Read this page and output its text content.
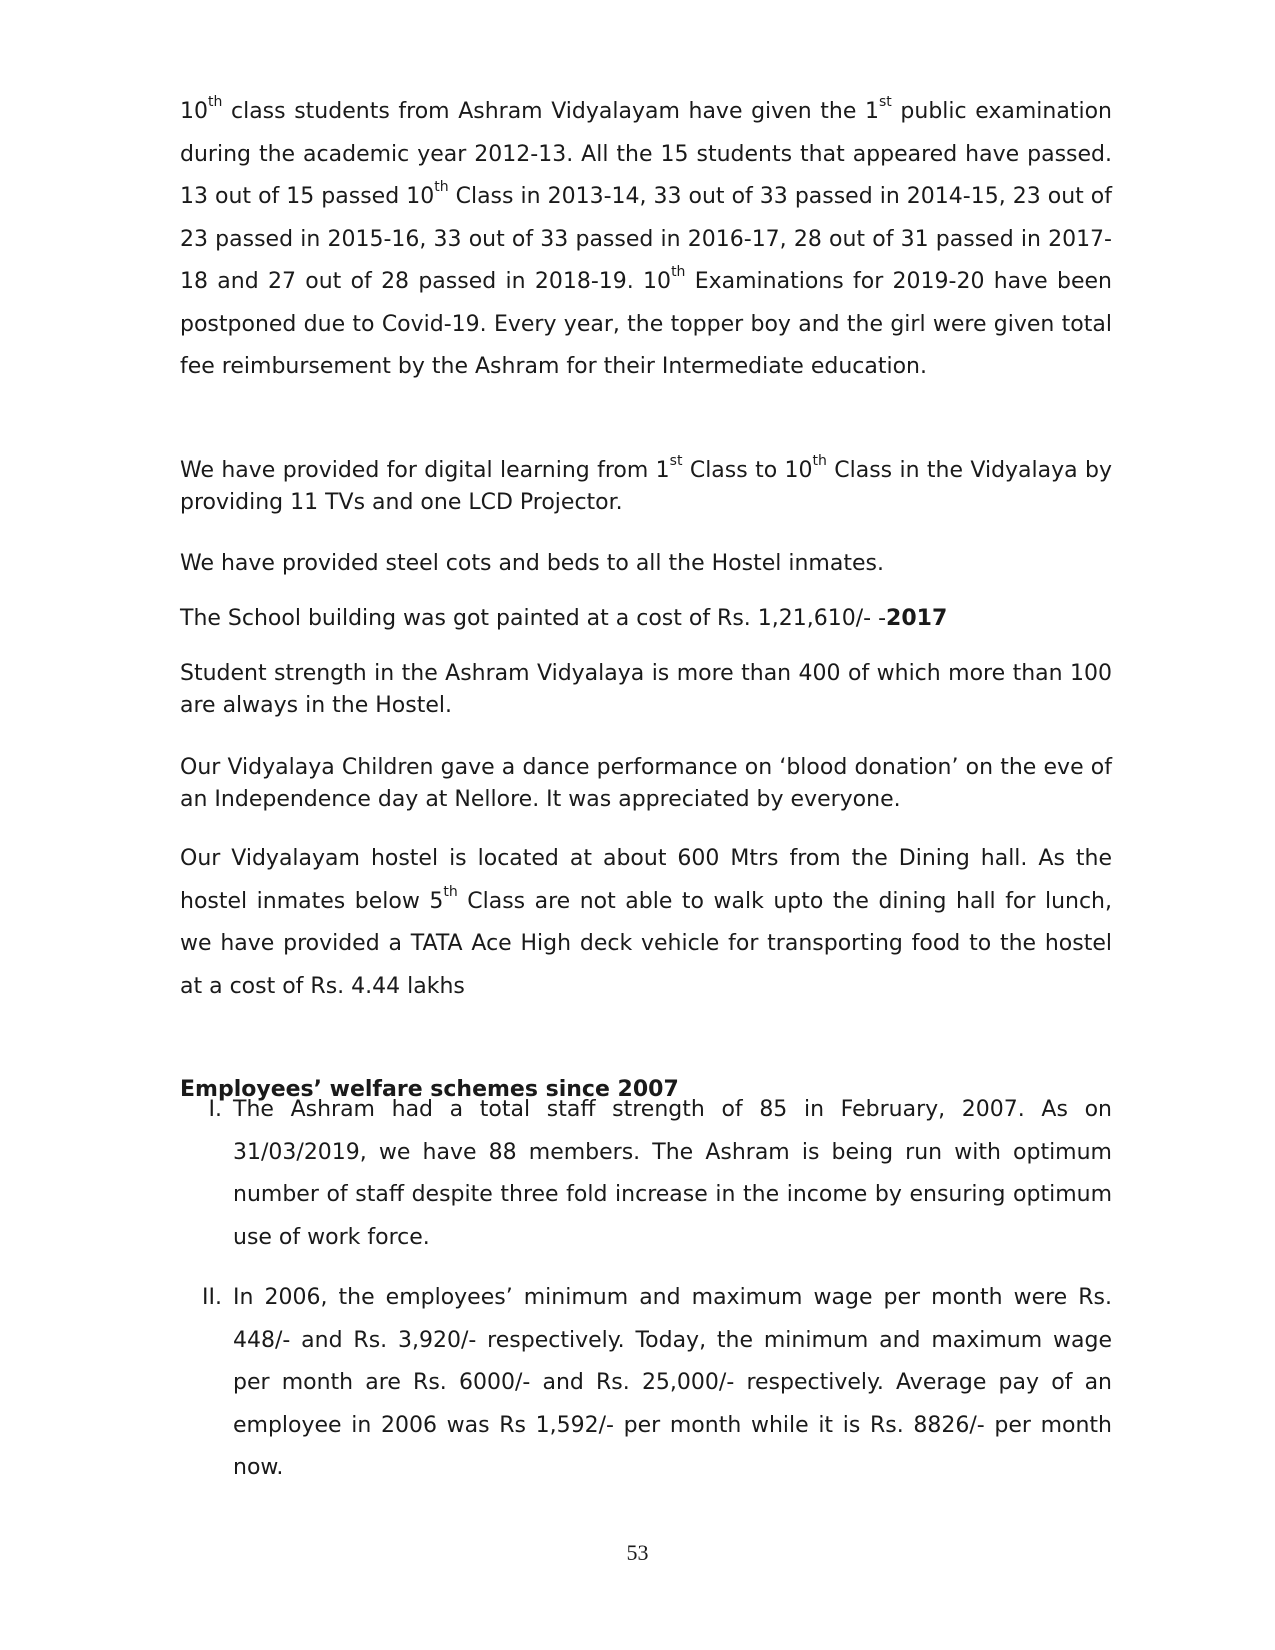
10th class students from Ashram Vidyalayam have given the 1st public examination during the academic year 2012-13. All the 15 students that appeared have passed. 13 out of 15 passed 10th Class in 2013-14, 33 out of 33 passed in 2014-15, 23 out of 23 passed in 2015-16, 33 out of 33 passed in 2016-17, 28 out of 31 passed in 2017-18 and 27 out of 28 passed in 2018-19. 10th Examinations for 2019-20 have been postponed due to Covid-19. Every year, the topper boy and the girl were given total fee reimbursement by the Ashram for their Intermediate education.

We have provided for digital learning from 1st Class to 10th Class in the Vidyalaya by providing 11 TVs and one LCD Projector.

We have provided steel cots and beds to all the Hostel inmates.

The School building was got painted at a cost of Rs. 1,21,610/- -2017

Student strength in the Ashram Vidyalaya is more than 400 of which more than 100 are always in the Hostel.

Our Vidyalaya Children gave a dance performance on ‘blood donation’ on the eve of an Independence day at Nellore. It was appreciated by everyone.

Our Vidyalayam hostel is located at about 600 Mtrs from the Dining hall. As the hostel inmates below 5th Class are not able to walk upto the dining hall for lunch, we have provided a TATA Ace High deck vehicle for transporting food to the hostel at a cost of Rs. 4.44 lakhs

Employees’ welfare schemes since 2007

I. The Ashram had a total staff strength of 85 in February, 2007. As on 31/03/2019, we have 88 members. The Ashram is being run with optimum number of staff despite three fold increase in the income by ensuring optimum use of work force.

II. In 2006, the employees’ minimum and maximum wage per month were Rs. 448/- and Rs. 3,920/- respectively. Today, the minimum and maximum wage per month are Rs. 6000/- and Rs. 25,000/- respectively. Average pay of an employee in 2006 was Rs 1,592/- per month while it is Rs. 8826/- per month now.

53
